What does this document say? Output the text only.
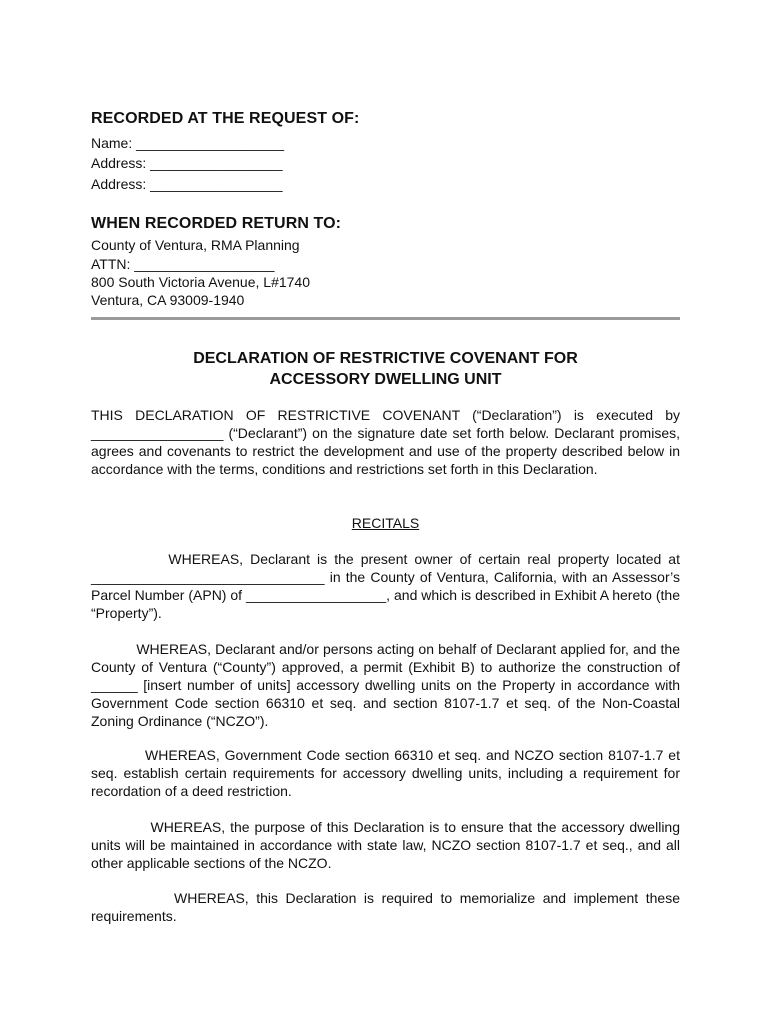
RECORDED AT THE REQUEST OF:
Name: ___________________
Address: _________________
Address: _________________
WHEN RECORDED RETURN TO:
County of Ventura, RMA Planning
ATTN: __________________
800 South Victoria Avenue, L#1740
Ventura, CA 93009-1940
DECLARATION OF RESTRICTIVE COVENANT FOR
ACCESSORY DWELLING UNIT
THIS DECLARATION OF RESTRICTIVE COVENANT (“Declaration”) is executed by _________________ (“Declarant”) on the signature date set forth below. Declarant promises, agrees and covenants to restrict the development and use of the property described below in accordance with the terms, conditions and restrictions set forth in this Declaration.
RECITALS
WHEREAS, Declarant is the present owner of certain real property located at ______________________________ in the County of Ventura, California, with an Assessor’s Parcel Number (APN) of __________________, and which is described in Exhibit A hereto (the “Property”).
WHEREAS, Declarant and/or persons acting on behalf of Declarant applied for, and the County of Ventura (“County”) approved, a permit (Exhibit B) to authorize the construction of ______ [insert number of units] accessory dwelling units on the Property in accordance with Government Code section 66310 et seq. and section 8107-1.7 et seq. of the Non-Coastal Zoning Ordinance (“NCZO”).
WHEREAS, Government Code section 66310 et seq. and NCZO section 8107-1.7 et seq. establish certain requirements for accessory dwelling units, including a requirement for recordation of a deed restriction.
WHEREAS, the purpose of this Declaration is to ensure that the accessory dwelling units will be maintained in accordance with state law, NCZO section 8107-1.7 et seq., and all other applicable sections of the NCZO.
WHEREAS, this Declaration is required to memorialize and implement these requirements.
